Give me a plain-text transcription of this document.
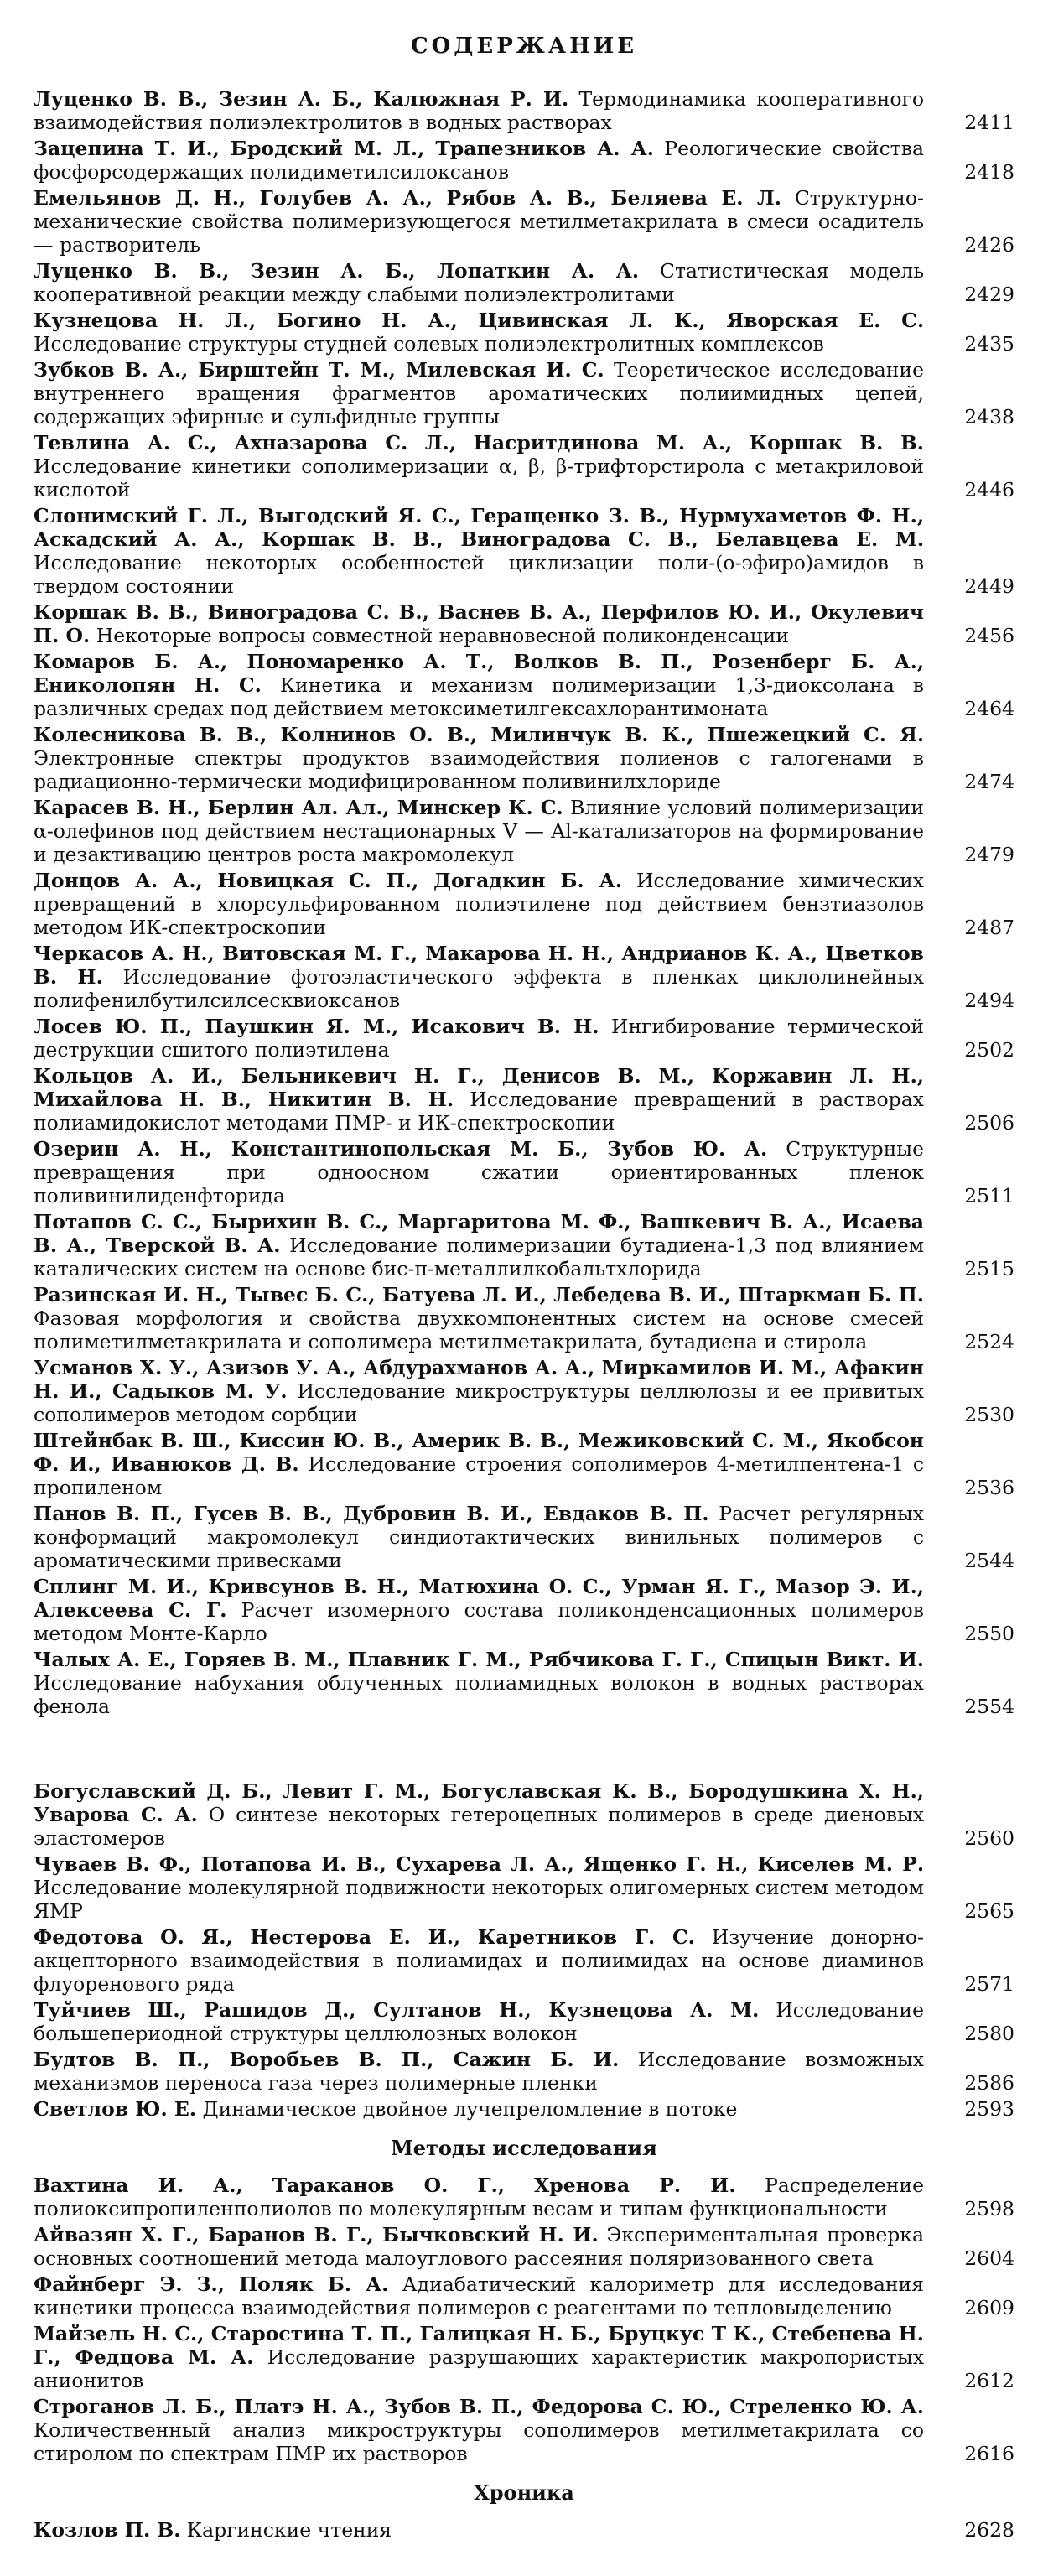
СОДЕРЖАНИЕ
Луценко В. В., Зезин А. Б., Калюжная Р. И. Термодинамика кооперативного взаимодействия полиэлектролитов в водных растворах	2411
Зацепина Т. И., Бродский М. Л., Трапезников А. А. Реологические свойства фосфорсодержащих полидиметилсилоксанов	2418
Емельянов Д. Н., Голубев А. А., Рябов А. В., Беляева Е. Л. Структурно-механические свойства полимеризующегося метилметакрилата в смеси осадитель — растворитель	2426
Луценко В. В., Зезин А. Б., Лопаткин А. А. Статистическая модель кооперативной реакции между слабыми полиэлектролитами	2429
Кузнецова Н. Л., Богино Н. А., Цивинская Л. К., Яворская Е. С. Исследование структуры студней солевых полиэлектролитных комплексов	2435
Зубков В. А., Бирштейн Т. М., Милевская И. С. Теоретическое исследование внутреннего вращения фрагментов ароматических полиимидных цепей, содержащих эфирные и сульфидные группы	2438
Тевлина А. С., Ахназарова С. Л., Насритдинова М. А., Коршак В. В. Исследование кинетики сополимеризации α, β, β-трифторстирола с метакриловой кислотой	2446
Слонимский Г. Л., Выгодский Я. С., Геращенко З. В., Нурмухаметов Ф. Н., Аскадский А. А., Коршак В. В., Виноградова С. В., Белавцева Е. М. Исследование некоторых особенностей циклизации поли-(о-эфиро)амидов в твердом состоянии	2449
Коршак В. В., Виноградова С. В., Васнев В. А., Перфилов Ю. И., Окулевич П. О. Некоторые вопросы совместной неравновесной поликонденсации	2456
Комаров Б. А., Пономаренко А. Т., Волков В. П., Розенберг Б. А., Ениколопян Н. С. Кинетика и механизм полимеризации 1,3-диоксолана в различных средах под действием метоксиметилгексахлорантимоната	2464
Колесникова В. В., Колнинов О. В., Милинчук В. К., Пшежецкий С. Я. Электронные спектры продуктов взаимодействия полиенов с галогенами в радиационно-термически модифицированном поливинилхлориде	2474
Карасев В. Н., Берлин Ал. Ал., Минскер К. С. Влияние условий полимеризации α-олефинов под действием нестационарных V — Al-катализаторов на формирование и дезактивацию центров роста макромолекул	2479
Донцов А. А., Новицкая С. П., Догадкин Б. А. Исследование химических превращений в хлорсульфированном полиэтилене под действием бензтиазолов методом ИК-спектроскопии	2487
Черкасов А. Н., Витовская М. Г., Макарова Н. Н., Андрианов К. А., Цветков В. Н. Исследование фотоэластического эффекта в пленках циклолинейных полифенилбутилсилсесквиоксанов	2494
Лосев Ю. П., Паушкин Я. М., Исакович В. Н. Ингибирование термической деструкции сшитого полиэтилена	2502
Кольцов А. И., Бельникевич Н. Г., Денисов В. М., Коржавин Л. Н., Михайлова Н. В., Никитин В. Н. Исследование превращений в растворах полиамидокислот методами ПМР- и ИК-спектроскопии	2506
Озерин А. Н., Константинопольская М. Б., Зубов Ю. А. Структурные превращения при одноосном сжатии ориентированных пленок поливинилиденфторида	2511
Потапов С. С., Бырихин В. С., Маргаритова М. Ф., Вашкевич В. А., Исаева В. А., Тверской В. А. Исследование полимеризации бутадиена-1,3 под влиянием каталических систем на основе бис-π-металлилкобальтхлорида	2515
Разинская И. Н., Тывес Б. С., Батуева Л. И., Лебедева В. И., Штаркман Б. П. Фазовая морфология и свойства двухкомпонентных систем на основе смесей полиметилметакрилата и сополимера метилметакрилата, бутадиена и стирола	2524
Усманов Х. У., Азизов У. А., Абдурахманов А. А., Миркамилов И. М., Афакин Н. И., Садыков М. У. Исследование микроструктуры целлюлозы и ее привитых сополимеров методом сорбции	2530
Штейнбак В. Ш., Киссин Ю. В., Америк В. В., Межиковский С. М., Якобсон Ф. И., Иванюков Д. В. Исследование строения сополимеров 4-метилпентена-1 с пропиленом	2536
Панов В. П., Гусев В. В., Дубровин В. И., Евдаков В. П. Расчет регулярных конформаций макромолекул синдиотактических винильных полимеров с ароматическими привесками	2544
Сплинг М. И., Кривсунов В. Н., Матюхина О. С., Урман Я. Г., Мазор Э. И., Алексеева С. Г. Расчет изомерного состава поликонденсационных полимеров методом Монте-Карло	2550
Чалых А. Е., Горяев В. М., Плавник Г. М., Рябчикова Г. Г., Спицын Викт. И. Исследование набухания облученных полиамидных волокон в водных растворах фенола	2554
Богуславский Д. Б., Левит Г. М., Богуславская К. В., Бородушкина Х. Н., Уварова С. А. О синтезе некоторых гетероцепных полимеров в среде диеновых эластомеров	2560
Чуваев В. Ф., Потапова И. В., Сухарева Л. А., Ященко Г. Н., Киселев М. Р. Исследование молекулярной подвижности некоторых олигомерных систем методом ЯМР	2565
Федотова О. Я., Нестерова Е. И., Каретников Г. С. Изучение донорно-акцепторного взаимодействия в полиамидах и полиимидах на основе диаминов флуоренового ряда	2571
Туйчиев Ш., Рашидов Д., Султанов Н., Кузнецова А. М. Исследование большепериодной структуры целлюлозных волокон	2580
Будтов В. П., Воробьев В. П., Сажин Б. И. Исследование возможных механизмов переноса газа через полимерные пленки	2586
Светлов Ю. Е. Динамическое двойное лучепреломление в потоке	2593
Методы исследования
Вахтина И. А., Тараканов О. Г., Хренова Р. И. Распределение полиоксипропиленполиолов по молекулярным весам и типам функциональности	2598
Айвазян Х. Г., Баранов В. Г., Бычковский Н. И. Экспериментальная проверка основных соотношений метода малоуглового рассеяния поляризованного света	2604
Файнберг Э. З., Поляк Б. А. Адиабатический калориметр для исследования кинетики процесса взаимодействия полимеров с реагентами по тепловыделению	2609
Майзель Н. С., Старостина Т. П., Галицкая Н. Б., Бруцкус Т К., Стебенева Н. Г., Федцова М. А. Исследование разрушающих характеристик макропористых анионитов	2612
Строганов Л. Б., Платэ Н. А., Зубов В. П., Федорова С. Ю., Стреленко Ю. А. Количественный анализ микроструктуры сополимеров метилметакрилата со стиролом по спектрам ПМР их растворов	2616
Хроника
Козлов П. В. Каргинские чтения	2628
